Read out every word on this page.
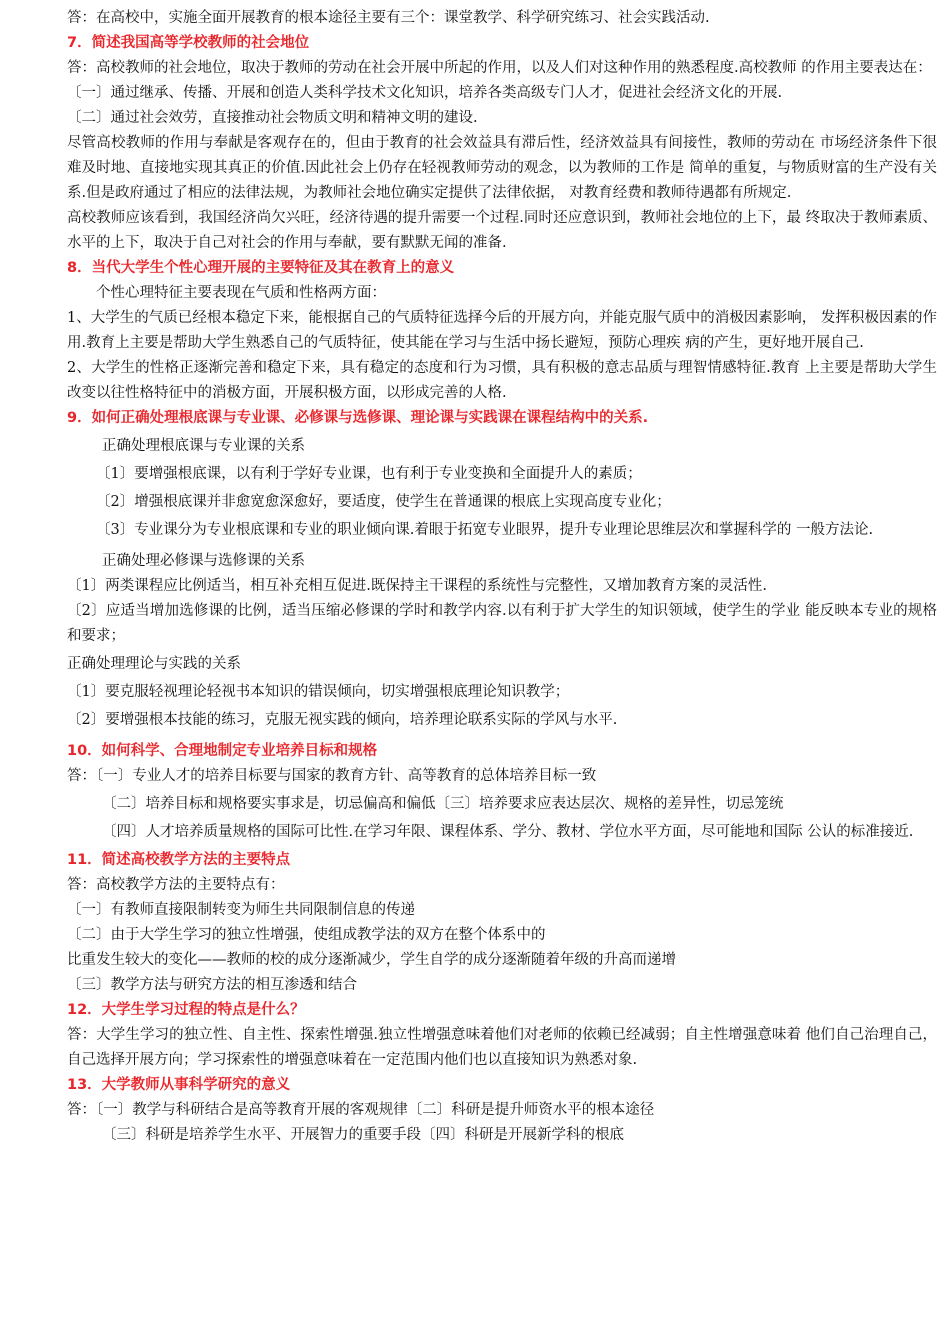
答：在高校中，实施全面开展教育的根本途径主要有三个：课堂教学、科学研究练习、社会实践活动.

7．简述我国高等学校教师的社会地位

答：高校教师的社会地位，取决于教师的劳动在社会开展中所起的作用，以及人们对这种作用的熟悉程度.高校教师 的作用主要表达在：

〔一〕通过继承、传播、开展和创造人类科学技术文化知识，培养各类高级专门人才，促进社会经济文化的开展.

〔二〕通过社会效劳，直接推动社会物质文明和精神文明的建设.

尽管高校教师的作用与奉献是客观存在的，但由于教育的社会效益具有滞后性，经济效益具有间接性，教师的劳动在 市场经济条件下很难及时地、直接地实现其真正的价值.因此社会上仍存在轻视教师劳动的观念，以为教师的工作是 简单的重复，与物质财富的生产没有关系.但是政府通过了相应的法律法规，为教师社会地位确实定提供了法律依据， 对教育经费和教师待遇都有所规定.

高校教师应该看到，我国经济尚欠兴旺，经济待遇的提升需要一个过程.同时还应意识到，教师社会地位的上下，最 终取决于教师素质、水平的上下，取决于自己对社会的作用与奉献，要有默默无闻的准备.

8．当代大学生个性心理开展的主要特征及其在教育上的意义

个性心理特征主要表现在气质和性格两方面：

1、大学生的气质已经根本稳定下来，能根据自己的气质特征选择今后的开展方向，并能克服气质中的消极因素影响， 发挥积极因素的作用.教育上主要是帮助大学生熟悉自己的气质特征，使其能在学习与生活中扬长避短，预防心理疾 病的产生，更好地开展自己.

2、大学生的性格正逐渐完善和稳定下来，具有稳定的态度和行为习惯，具有积极的意志品质与理智情感特征.教育 上主要是帮助大学生改变以往性格特征中的消极方面，开展积极方面，以形成完善的人格.

9．如何正确处理根底课与专业课、必修课与选修课、理论课与实践课在课程结构中的关系.

正确处理根底课与专业课的关系

〔1〕要增强根底课，以有利于学好专业课，也有利于专业变换和全面提升人的素质；

〔2〕增强根底课并非愈宽愈深愈好，要适度，使学生在普通课的根底上实现高度专业化；

〔3〕专业课分为专业根底课和专业的职业倾向课.着眼于拓宽专业眼界，提升专业理论思维层次和掌握科学的 一般方法论.

正确处理必修课与选修课的关系

〔1〕两类课程应比例适当，相互补充相互促进.既保持主干课程的系统性与完整性，又增加教育方案的灵活性.

〔2〕应适当增加选修课的比例，适当压缩必修课的学时和教学内容.以有利于扩大学生的知识领域，使学生的学业 能反映本专业的规格和要求；

正确处理理论与实践的关系

〔1〕要克服轻视理论轻视书本知识的错误倾向，切实增强根底理论知识教学；

〔2〕要增强根本技能的练习，克服无视实践的倾向，培养理论联系实际的学风与水平.

10．如何科学、合理地制定专业培养目标和规格

答：〔一〕专业人才的培养目标要与国家的教育方针、高等教育的总体培养目标一致

〔二〕培养目标和规格要实事求是，切忌偏高和偏低〔三〕培养要求应表达层次、规格的差异性，切忌笼统

〔四〕人才培养质量规格的国际可比性.在学习年限、课程体系、学分、教材、学位水平方面，尽可能地和国际 公认的标准接近.

11．简述高校教学方法的主要特点

答：高校教学方法的主要特点有：

〔一〕有教师直接限制转变为师生共同限制信息的传递

〔二〕由于大学生学习的独立性增强，使组成教学法的双方在整个体系中的

比重发生较大的变化——教师的校的成分逐渐减少，学生自学的成分逐渐随着年级的升高而递增

〔三〕教学方法与研究方法的相互渗透和结合

12．大学生学习过程的特点是什么？

答：大学生学习的独立性、自主性、探索性增强.独立性增强意味着他们对老师的依赖已经减弱；自主性增强意味着 他们自己治理自己，自己选择开展方向；学习探索性的增强意味着在一定范围内他们也以直接知识为熟悉对象.

13．大学教师从事科学研究的意义

答：〔一〕教学与科研结合是高等教育开展的客观规律〔二〕科研是提升师资水平的根本途径

〔三〕科研是培养学生水平、开展智力的重要手段〔四〕科研是开展新学科的根底
